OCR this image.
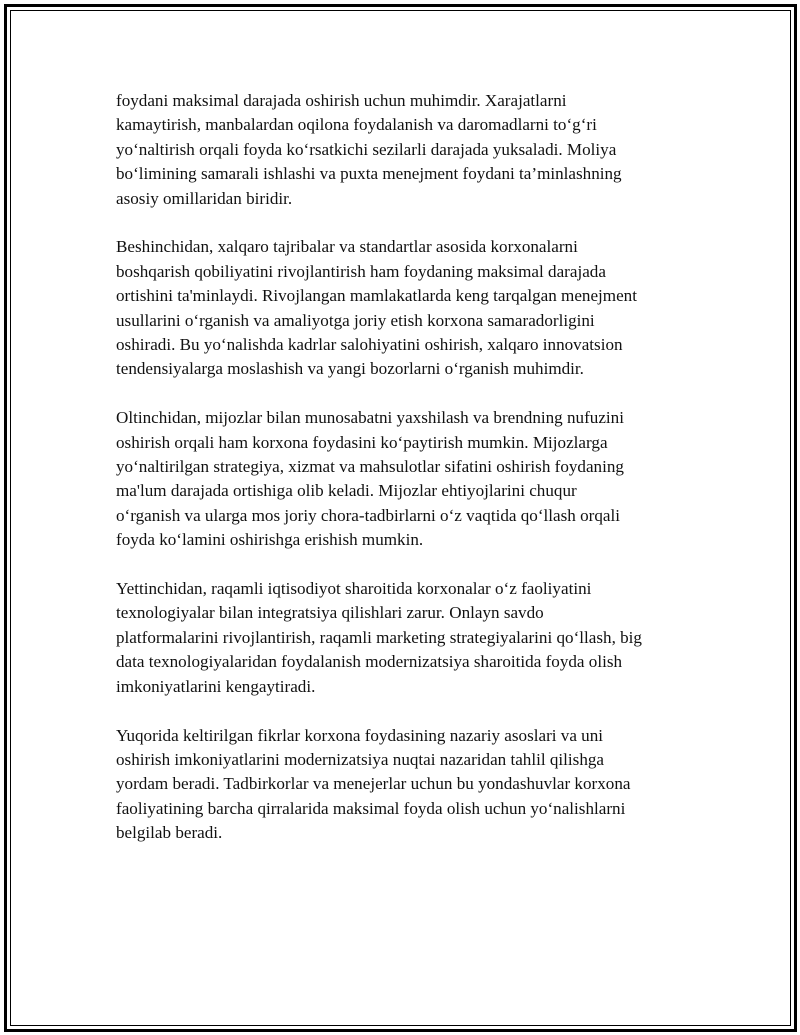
foydani maksimal darajada oshirish uchun muhimdir. Xarajatlarni
kamaytirish, manbalardan oqilona foydalanish va daromadlarni to‘g‘ri
yo‘naltirish orqali foyda ko‘rsatkichi sezilarli darajada yuksaladi. Moliya
bo‘limining samarali ishlashi va puxta menejment foydani ta’minlashning
asosiy omillaridan biridir.

Beshinchidan, xalqaro tajribalar va standartlar asosida korxonalarni
boshqarish qobiliyatini rivojlantirish ham foydaning maksimal darajada
ortishini ta'minlaydi. Rivojlangan mamlakatlarda keng tarqalgan menejment
usullarini o‘rganish va amaliyotga joriy etish korxona samaradorligini
oshiradi. Bu yo‘nalishda kadrlar salohiyatini oshirish, xalqaro innovatsion
tendensiyalarga moslashish va yangi bozorlarni o‘rganish muhimdir.

Oltinchidan, mijozlar bilan munosabatni yaxshilash va brendning nufuzini
oshirish orqali ham korxona foydasini ko‘paytirish mumkin. Mijozlarga
yo‘naltirilgan strategiya, xizmat va mahsulotlar sifatini oshirish foydaning
ma'lum darajada ortishiga olib keladi. Mijozlar ehtiyojlarini chuqur
o‘rganish va ularga mos joriy chora-tadbirlarni o‘z vaqtida qo‘llash orqali
foyda ko‘lamini oshirishga erishish mumkin.

Yettinchidan, raqamli iqtisodiyot sharoitida korxonalar o‘z faoliyatini
texnologiyalar bilan integratsiya qilishlari zarur. Onlayn savdo
platformalarini rivojlantirish, raqamli marketing strategiyalarini qo‘llash, big
data texnologiyalaridan foydalanish modernizatsiya sharoitida foyda olish
imkoniyatlarini kengaytiradi.

Yuqorida keltirilgan fikrlar korxona foydasining nazariy asoslari va uni
oshirish imkoniyatlarini modernizatsiya nuqtai nazaridan tahlil qilishga
yordam beradi. Tadbirkorlar va menejerlar uchun bu yondashuvlar korxona
faoliyatining barcha qirralarida maksimal foyda olish uchun yo‘nalishlarni
belgilab beradi.
